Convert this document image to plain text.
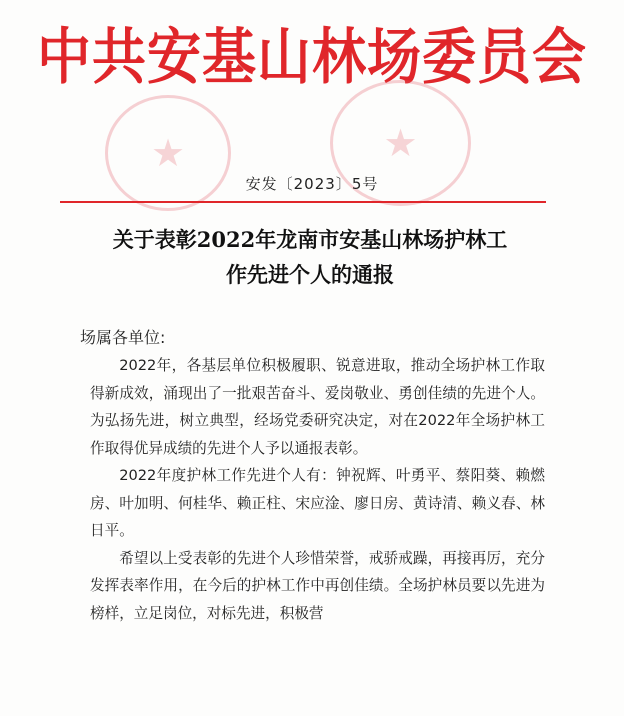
中共安基山林场委员会
★	★
安发〔2023〕5号
关于表彰2022年龙南市安基山林场护林工
作先进个人的通报
场属各单位:

2022年，各基层单位积极履职、锐意进取，推动全场护林工作取得新成效，涌现出了一批艰苦奋斗、爱岗敬业、勇创佳绩的先进个人。为弘扬先进，树立典型，经场党委研究决定，对在2022年全场护林工作取得优异成绩的先进个人予以通报表彰。

2022年度护林工作先进个人有：钟祝辉、叶勇平、蔡阳葵、赖燃房、叶加明、何桂华、赖正柱、宋应淦、廖日房、黄诗清、赖义春、林日平。

希望以上受表彰的先进个人珍惜荣誉，戒骄戒躁，再接再厉，充分发挥表率作用，在今后的护林工作中再创佳绩。全场护林员要以先进为榜样，立足岗位，对标先进，积极营
